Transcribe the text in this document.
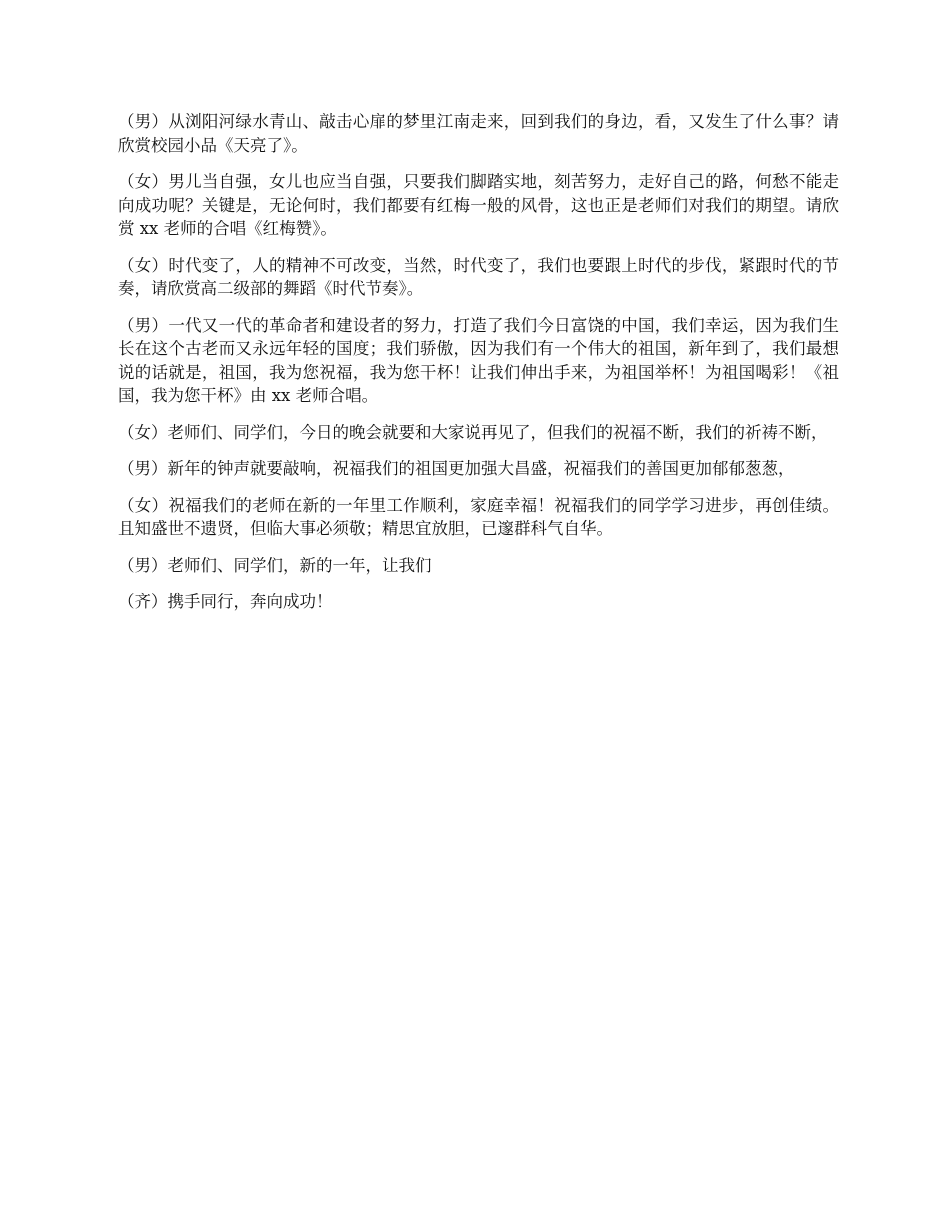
（男）从浏阳河绿水青山、敲击心扉的梦里江南走来，回到我们的身边，看，又发生了什么事？请欣赏校园小品《天亮了》。

（女）男儿当自强，女儿也应当自强，只要我们脚踏实地，刻苦努力，走好自己的路，何愁不能走向成功呢？关键是，无论何时，我们都要有红梅一般的风骨，这也正是老师们对我们的期望。请欣赏 xx 老师的合唱《红梅赞》。

（女）时代变了，人的精神不可改变，当然，时代变了，我们也要跟上时代的步伐，紧跟时代的节奏，请欣赏高二级部的舞蹈《时代节奏》。

（男）一代又一代的革命者和建设者的努力，打造了我们今日富饶的中国，我们幸运，因为我们生长在这个古老而又永远年轻的国度；我们骄傲，因为我们有一个伟大的祖国，新年到了，我们最想说的话就是，祖国，我为您祝福，我为您干杯！让我们伸出手来，为祖国举杯！为祖国喝彩！《祖国，我为您干杯》由 xx 老师合唱。

（女）老师们、同学们，今日的晚会就要和大家说再见了，但我们的祝福不断，我们的祈祷不断，

（男）新年的钟声就要敲响，祝福我们的祖国更加强大昌盛，祝福我们的善国更加郁郁葱葱，

（女）祝福我们的老师在新的一年里工作顺利，家庭幸福！祝福我们的同学学习进步，再创佳绩。且知盛世不遗贤，但临大事必须敬；精思宜放胆，已邃群科气自华。

（男）老师们、同学们，新的一年，让我们

（齐）携手同行，奔向成功！
